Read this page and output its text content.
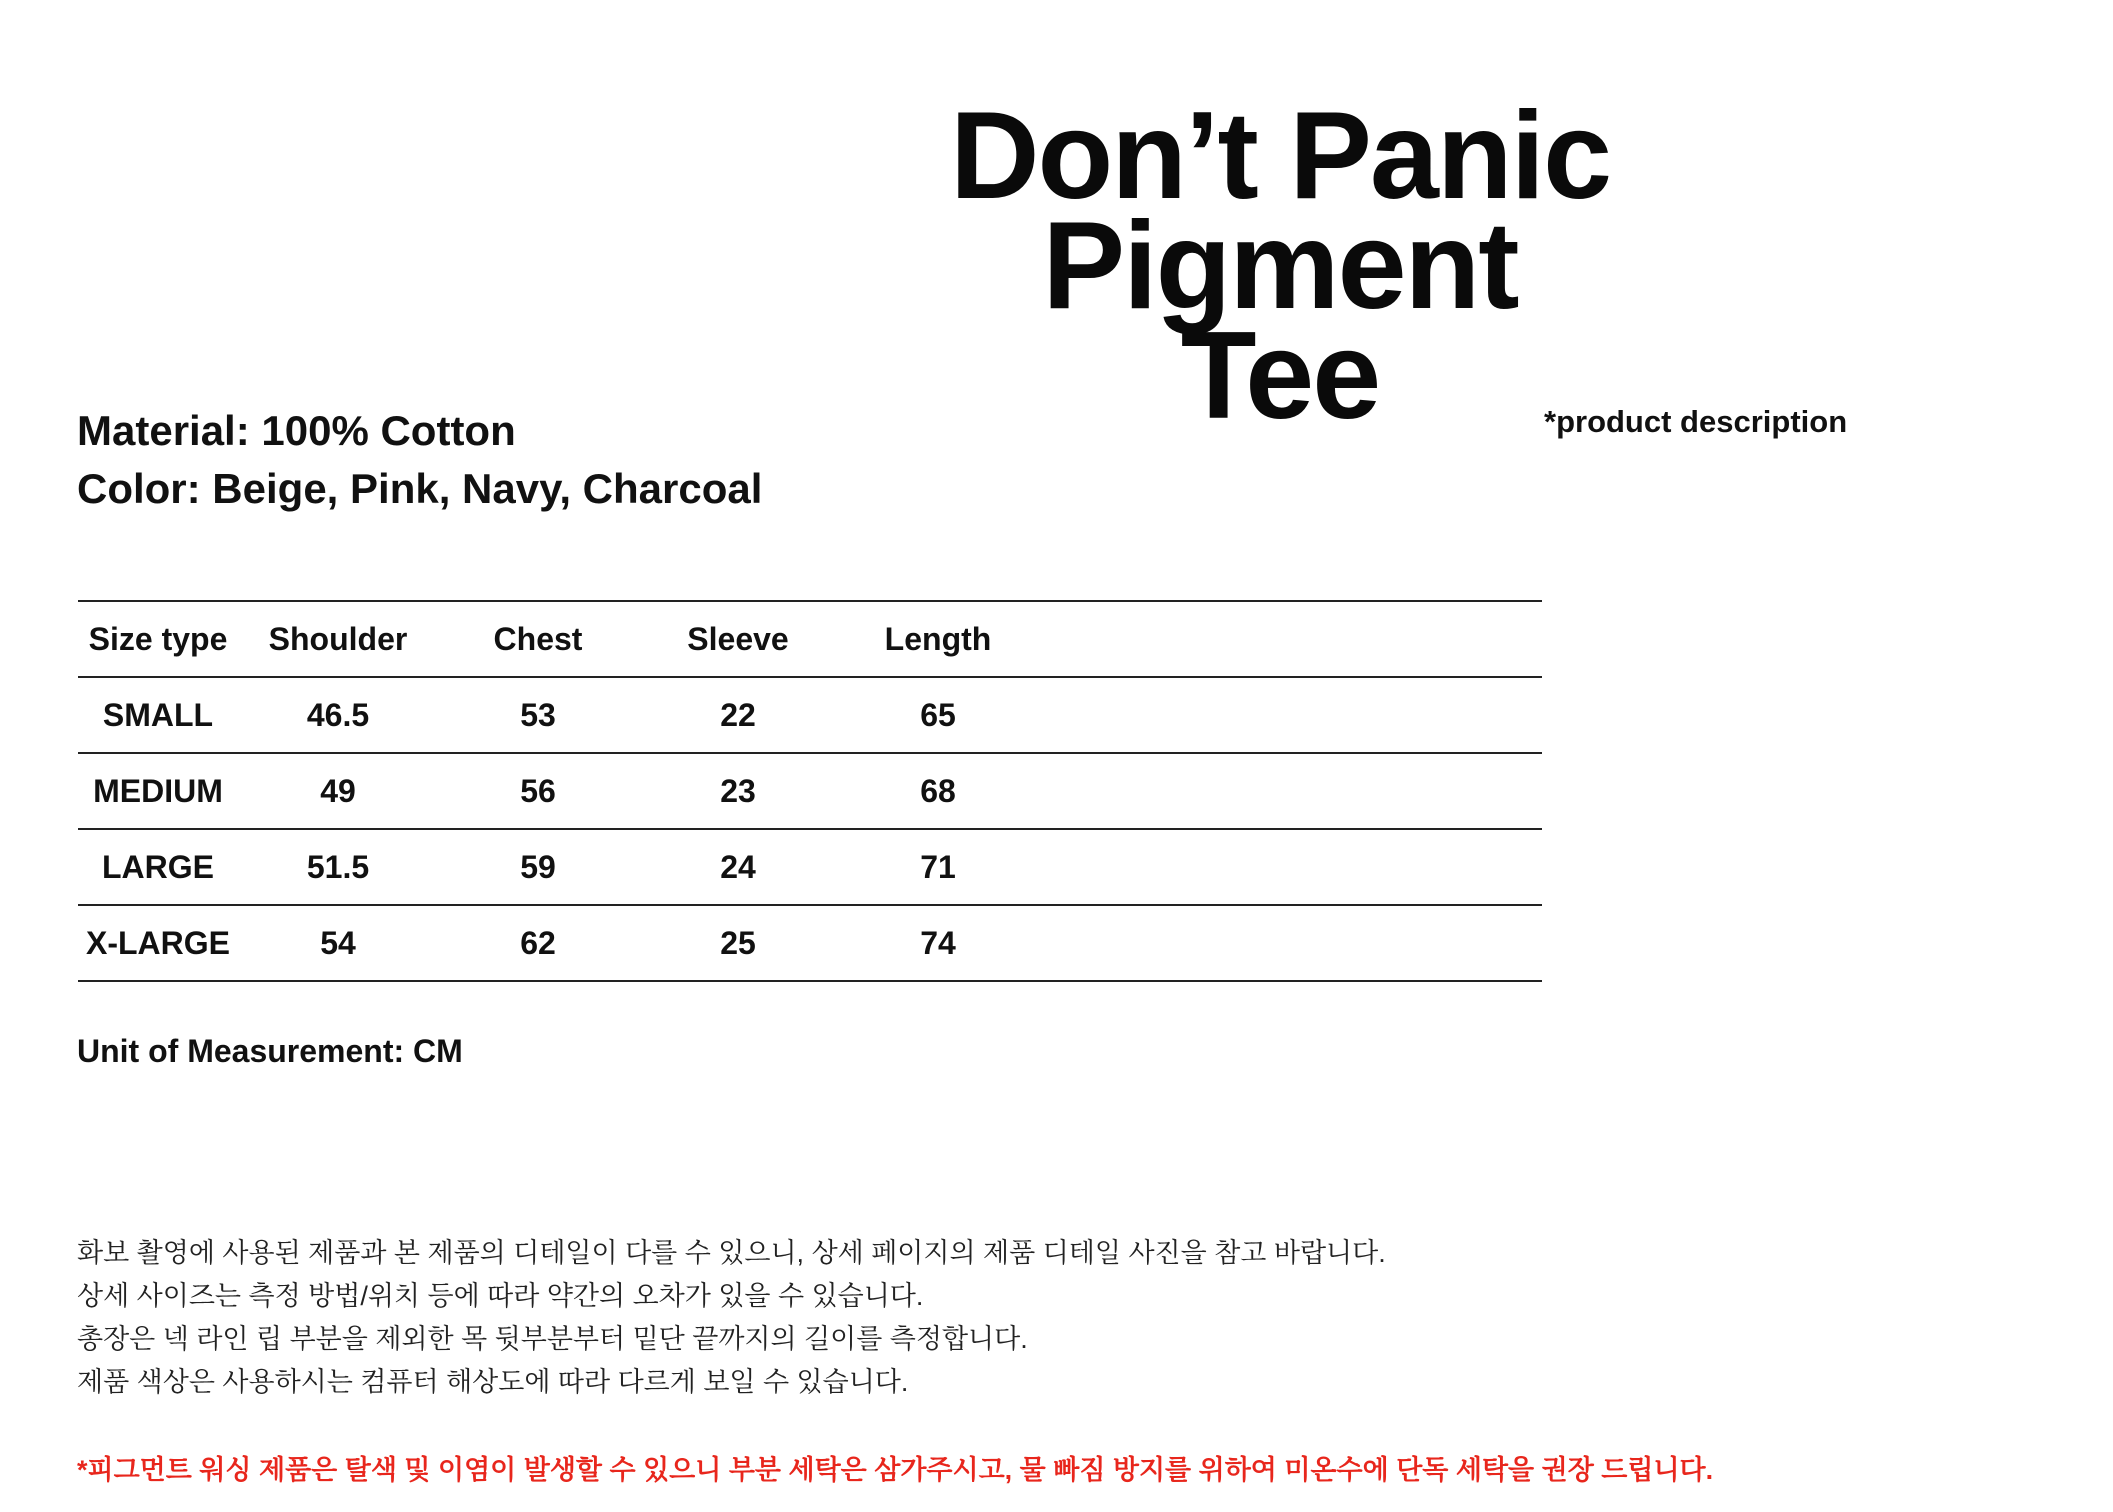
Don’t Panic Pigment
Tee
Material: 100% Cotton
Color: Beige, Pink, Navy, Charcoal
*product description
Size type	Shoulder	Chest	Sleeve	Length	
SMALL	46.5	53	22	65	
MEDIUM	49	56	23	68	
LARGE	51.5	59	24	71	
X-LARGE	54	62	25	74	
Unit of Measurement: CM
화보 촬영에 사용된 제품과 본 제품의 디테일이 다를 수 있으니, 상세 페이지의 제품 디테일 사진을 참고 바랍니다.
상세 사이즈는 측정 방법/위치 등에 따라 약간의 오차가 있을 수 있습니다.
총장은 넥 라인 립 부분을 제외한 목 뒷부분부터 밑단 끝까지의 길이를 측정합니다.
제품 색상은 사용하시는 컴퓨터 해상도에 따라 다르게 보일 수 있습니다.
*피그먼트 워싱 제품은 탈색 및 이염이 발생할 수 있으니 부분 세탁은 삼가주시고, 물 빠짐 방지를 위하여 미온수에 단독 세탁을 권장 드립니다.
